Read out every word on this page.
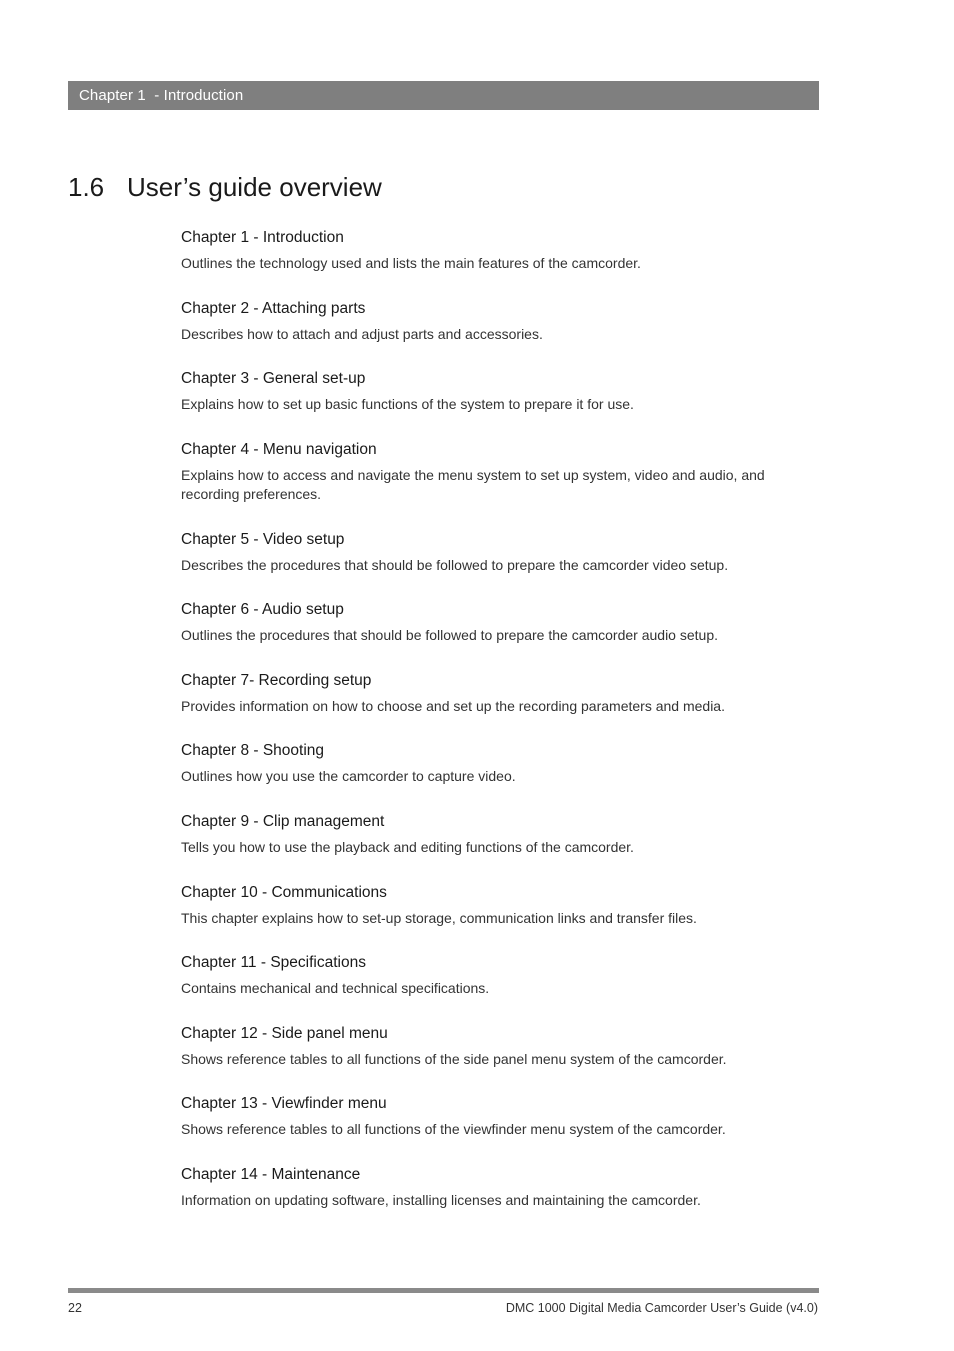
Chapter 1  - Introduction
1.6 User’s guide overview
Chapter 1 - Introduction
Outlines the technology used and lists the main features of the camcorder.
Chapter 2 - Attaching parts
Describes how to attach and adjust parts and accessories.
Chapter 3 - General set-up
Explains how to set up basic functions of the system to prepare it for use.
Chapter 4 - Menu navigation
Explains how to access and navigate the menu system to set up system, video and audio, and recording preferences.
Chapter 5 - Video setup
Describes the procedures that should be followed to prepare the camcorder video setup.
Chapter 6 - Audio setup
Outlines the procedures that should be followed to prepare the camcorder audio setup.
Chapter 7- Recording setup
Provides information on how to choose and set up the recording parameters and media.
Chapter 8 - Shooting
Outlines how you use the camcorder to capture video.
Chapter 9 - Clip management
Tells you how to use the playback and editing functions of the camcorder.
Chapter 10 - Communications
This chapter explains how to set-up storage, communication links and transfer files.
Chapter 11 - Specifications
Contains mechanical and technical specifications.
Chapter 12 - Side panel menu
Shows reference tables to all functions of the side panel menu system of the camcorder.
Chapter 13 - Viewfinder menu
Shows reference tables to all functions of the viewfinder menu system of the camcorder.
Chapter 14 - Maintenance
Information on updating software, installing licenses and maintaining the camcorder.
22	DMC 1000 Digital Media Camcorder User’s Guide (v4.0)
